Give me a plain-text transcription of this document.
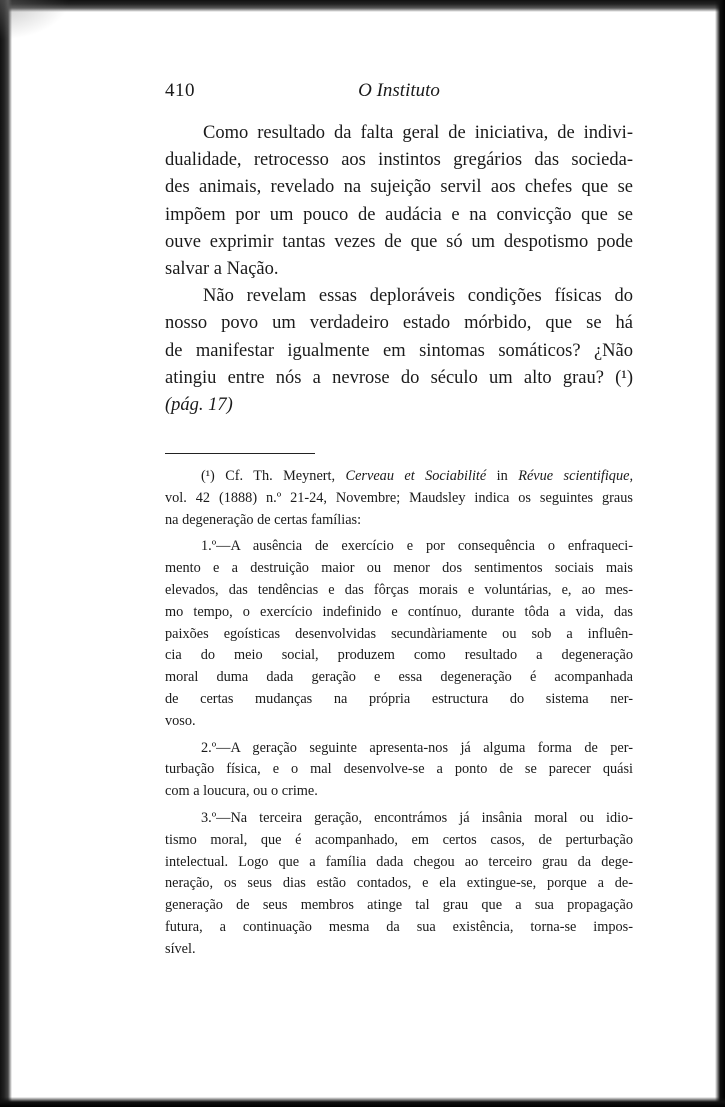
410	O Instituto
Como resultado da falta geral de iniciativa, de indivi-
dualidade, retrocesso aos instintos gregários das socieda-
des animais, revelado na sujeição servil aos chefes que se
impõem por um pouco de audácia e na convicção que se
ouve exprimir tantas vezes de que só um despotismo pode
salvar a Nação.
Não revelam essas deploráveis condições físicas do
nosso povo um verdadeiro estado mórbido, que se há
de manifestar igualmente em sintomas somáticos? ¿Não
atingiu entre nós a nevrose do século um alto grau? (¹)
(pág. 17)
(¹) Cf. Th. Meynert, Cerveau et Sociabilité in Révue scientifique,
vol. 42 (1888) n.º 21-24, Novembre; Maudsley indica os seguintes graus
na degeneração de certas famílias:
1.º—A ausência de exercício e por consequência o enfraqueci-
mento e a destruição maior ou menor dos sentimentos sociais mais
elevados, das tendências e das fôrças morais e voluntárias, e, ao mes-
mo tempo, o exercício indefinido e contínuo, durante tôda a vida, das
paixões egoísticas desenvolvidas secundàriamente ou sob a influên-
cia do meio social, produzem como resultado a degeneração
moral duma dada geração e essa degeneração é acompanhada
de certas mudanças na própria estructura do sistema ner-
voso.
2.º—A geração seguinte apresenta-nos já alguma forma de per-
turbação física, e o mal desenvolve-se a ponto de se parecer quási
com a loucura, ou o crime.
3.º—Na terceira geração, encontrámos já insânia moral ou idio-
tismo moral, que é acompanhado, em certos casos, de perturbação
intelectual. Logo que a família dada chegou ao terceiro grau da dege-
neração, os seus dias estão contados, e ela extingue-se, porque a de-
generação de seus membros atinge tal grau que a sua propagação
futura, a continuação mesma da sua existência, torna-se impos-
sível.
